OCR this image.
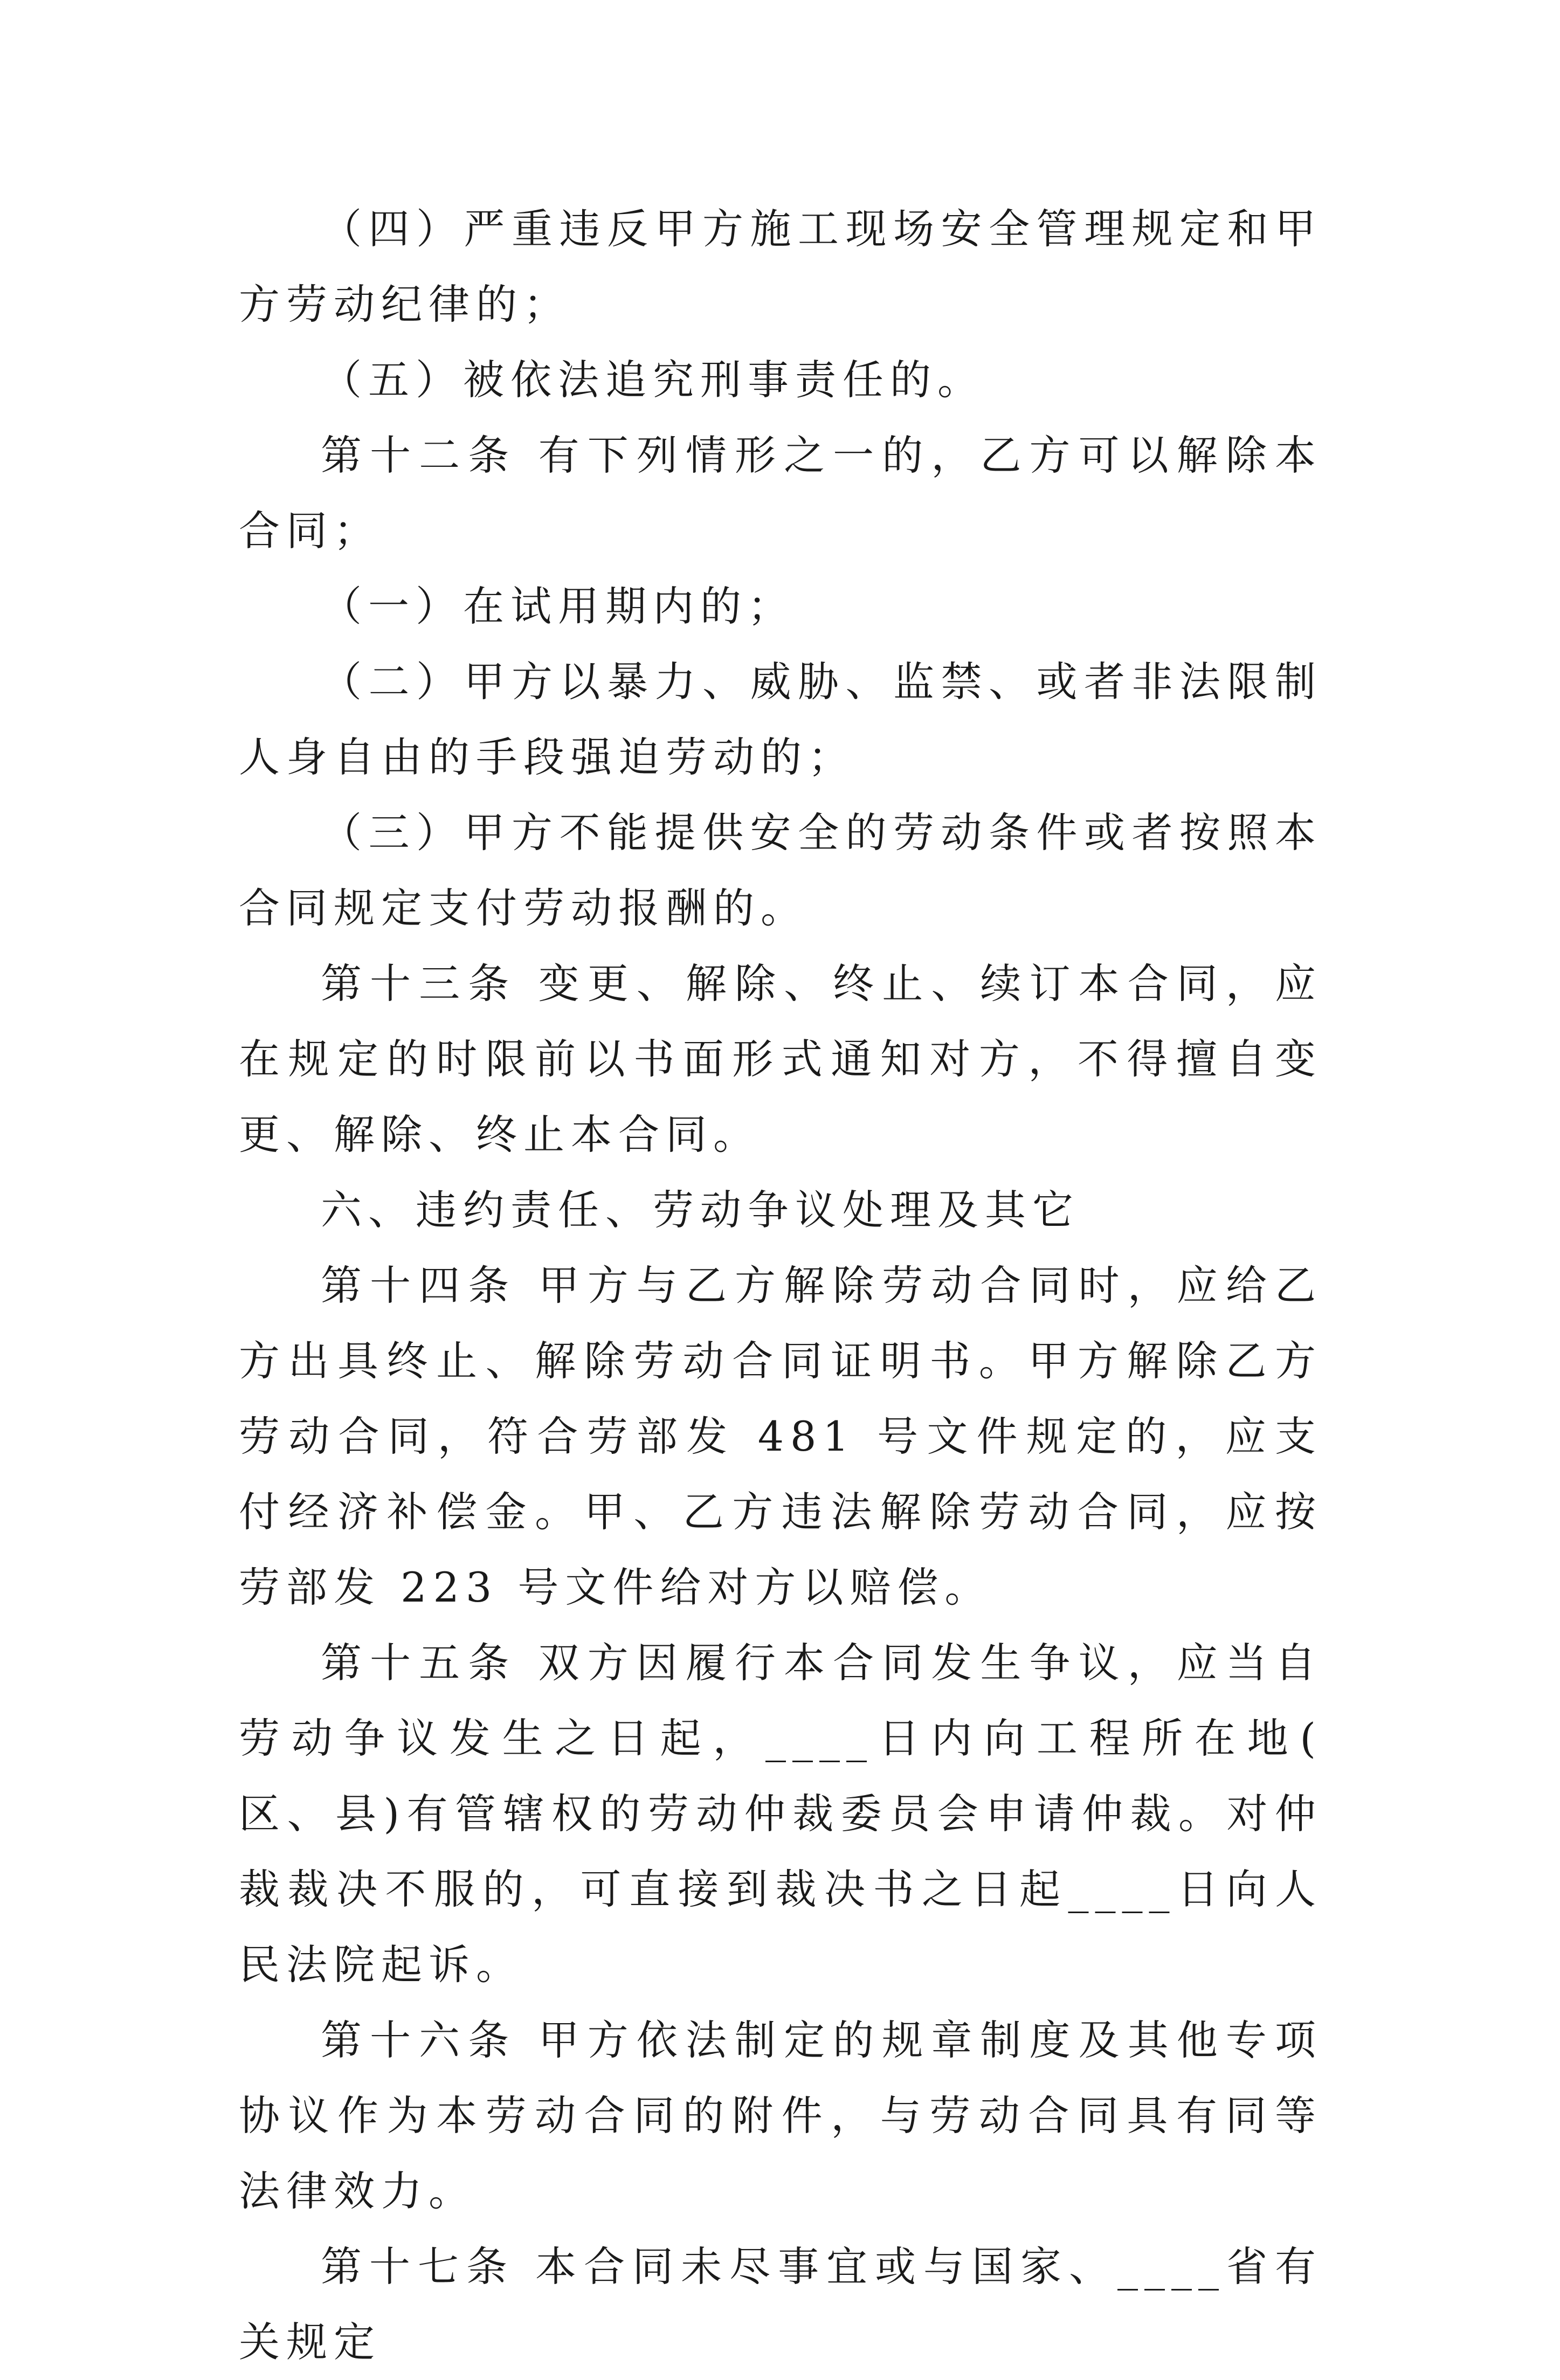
（四）严重违反甲方施工现场安全管理规定和甲方劳动纪律的；

（五）被依法追究刑事责任的。

第十二条 有下列情形之一的，乙方可以解除本合同；

（一）在试用期内的；

（二）甲方以暴力、威胁、监禁、或者非法限制人身自由的手段强迫劳动的；

（三）甲方不能提供安全的劳动条件或者按照本合同规定支付劳动报酬的。

第十三条 变更、解除、终止、续订本合同，应在规定的时限前以书面形式通知对方，不得擅自变更、解除、终止本合同。

六、违约责任、劳动争议处理及其它

第十四条 甲方与乙方解除劳动合同时，应给乙方出具终止、解除劳动合同证明书。甲方解除乙方劳动合同，符合劳部发 481 号文件规定的，应支付经济补偿金。甲、乙方违法解除劳动合同，应按劳部发 223 号文件给对方以赔偿。

第十五条 双方因履行本合同发生争议，应当自劳动争议发生之日起，____日内向工程所在地( 区、县)有管辖权的劳动仲裁委员会申请仲裁。对仲裁裁决不服的，可直接到裁决书之日起____日向人民法院起诉。

第十六条 甲方依法制定的规章制度及其他专项协议作为本劳动合同的附件，与劳动合同具有同等法律效力。

第十七条 本合同未尽事宜或与国家、____省有关规定
